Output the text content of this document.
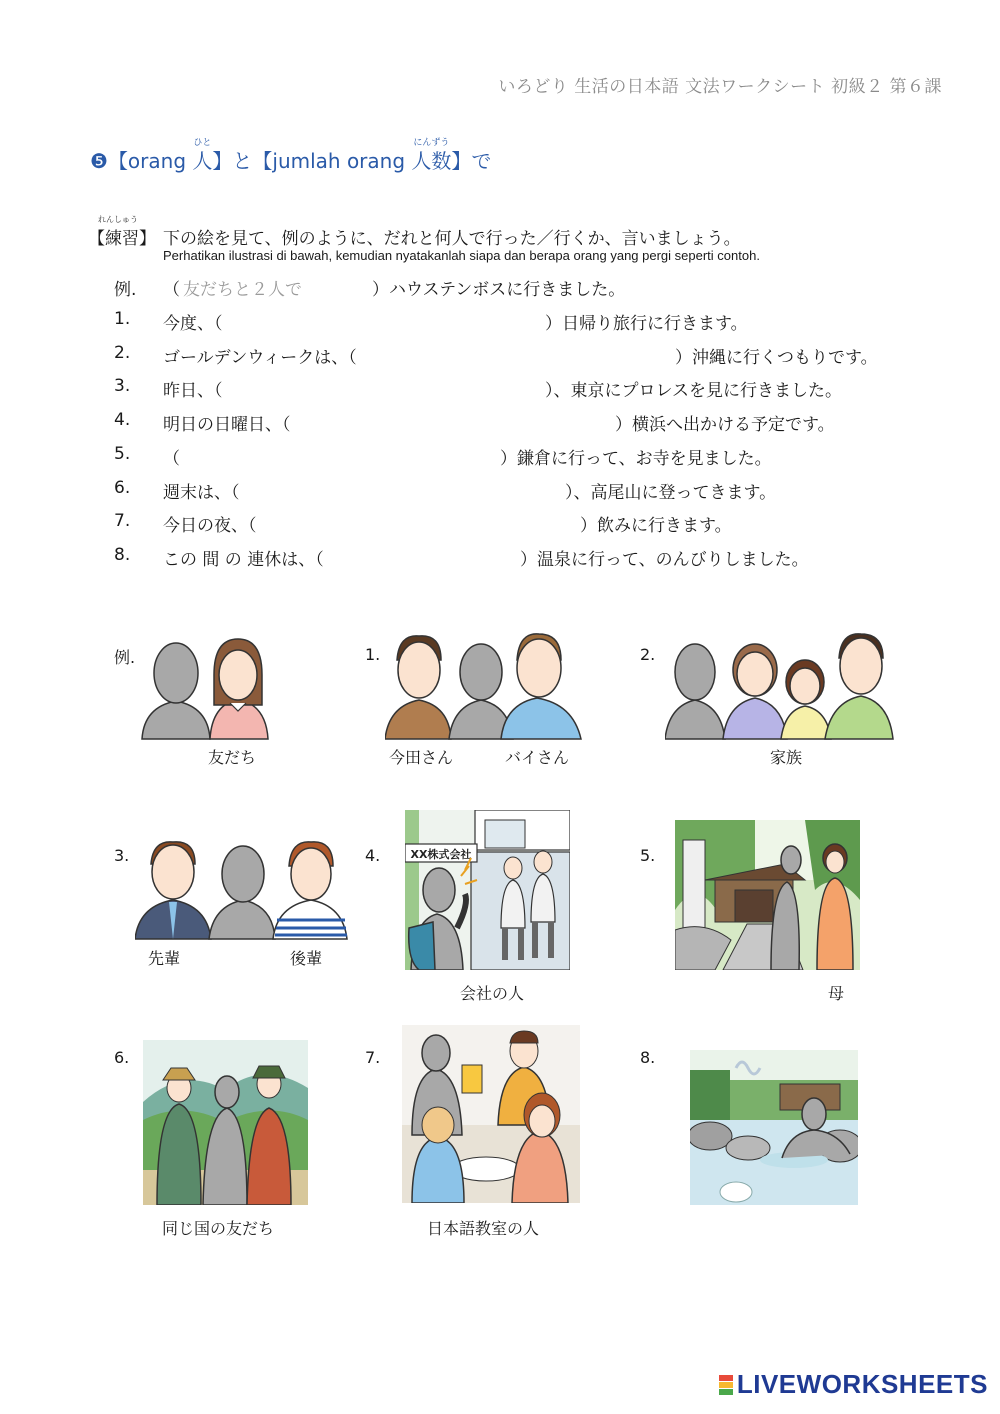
いろどり 生活の日本語 文法ワークシート 初級２ 第６課
❺【orang 人
ひと
】と【jumlah orang 人数
にんずう
】で
【練習】
れんしゅう
下の絵を見て、例のように、だれと何人で行った／行くか、言いましょう。
Perhatikan ilustrasi di bawah, kemudian nyatakanlah siapa dan berapa orang yang pergi seperti contoh.
例. （ 友だちと２人で	）ハウステンボスに行きました。
1. 今度、（	）日帰り旅行に行きます。
2. ゴールデンウィークは、（	）沖縄に行くつもりです。
3. 昨日、（	）、東京にプロレスを見に行きました。
4. 明日の日曜日、（	）横浜へ出かける予定です。
5. （	）鎌倉に行って、お寺を見ました。
6. 週末は、（	）、高尾山に登ってきます。
7. 今日の夜、（	）飲みに行きます。
8. この 間 の 連休は、（	）温泉に行って、のんびりしました。
例.
友だち
1.
今田さん	バイさん
2.
家族
3.
先輩	後輩
4.	XX株式会社
会社の人
5.
母
6.
同じ国の友だち
7.
日本語教室の人
8.
LIVEWORKSHEETS
